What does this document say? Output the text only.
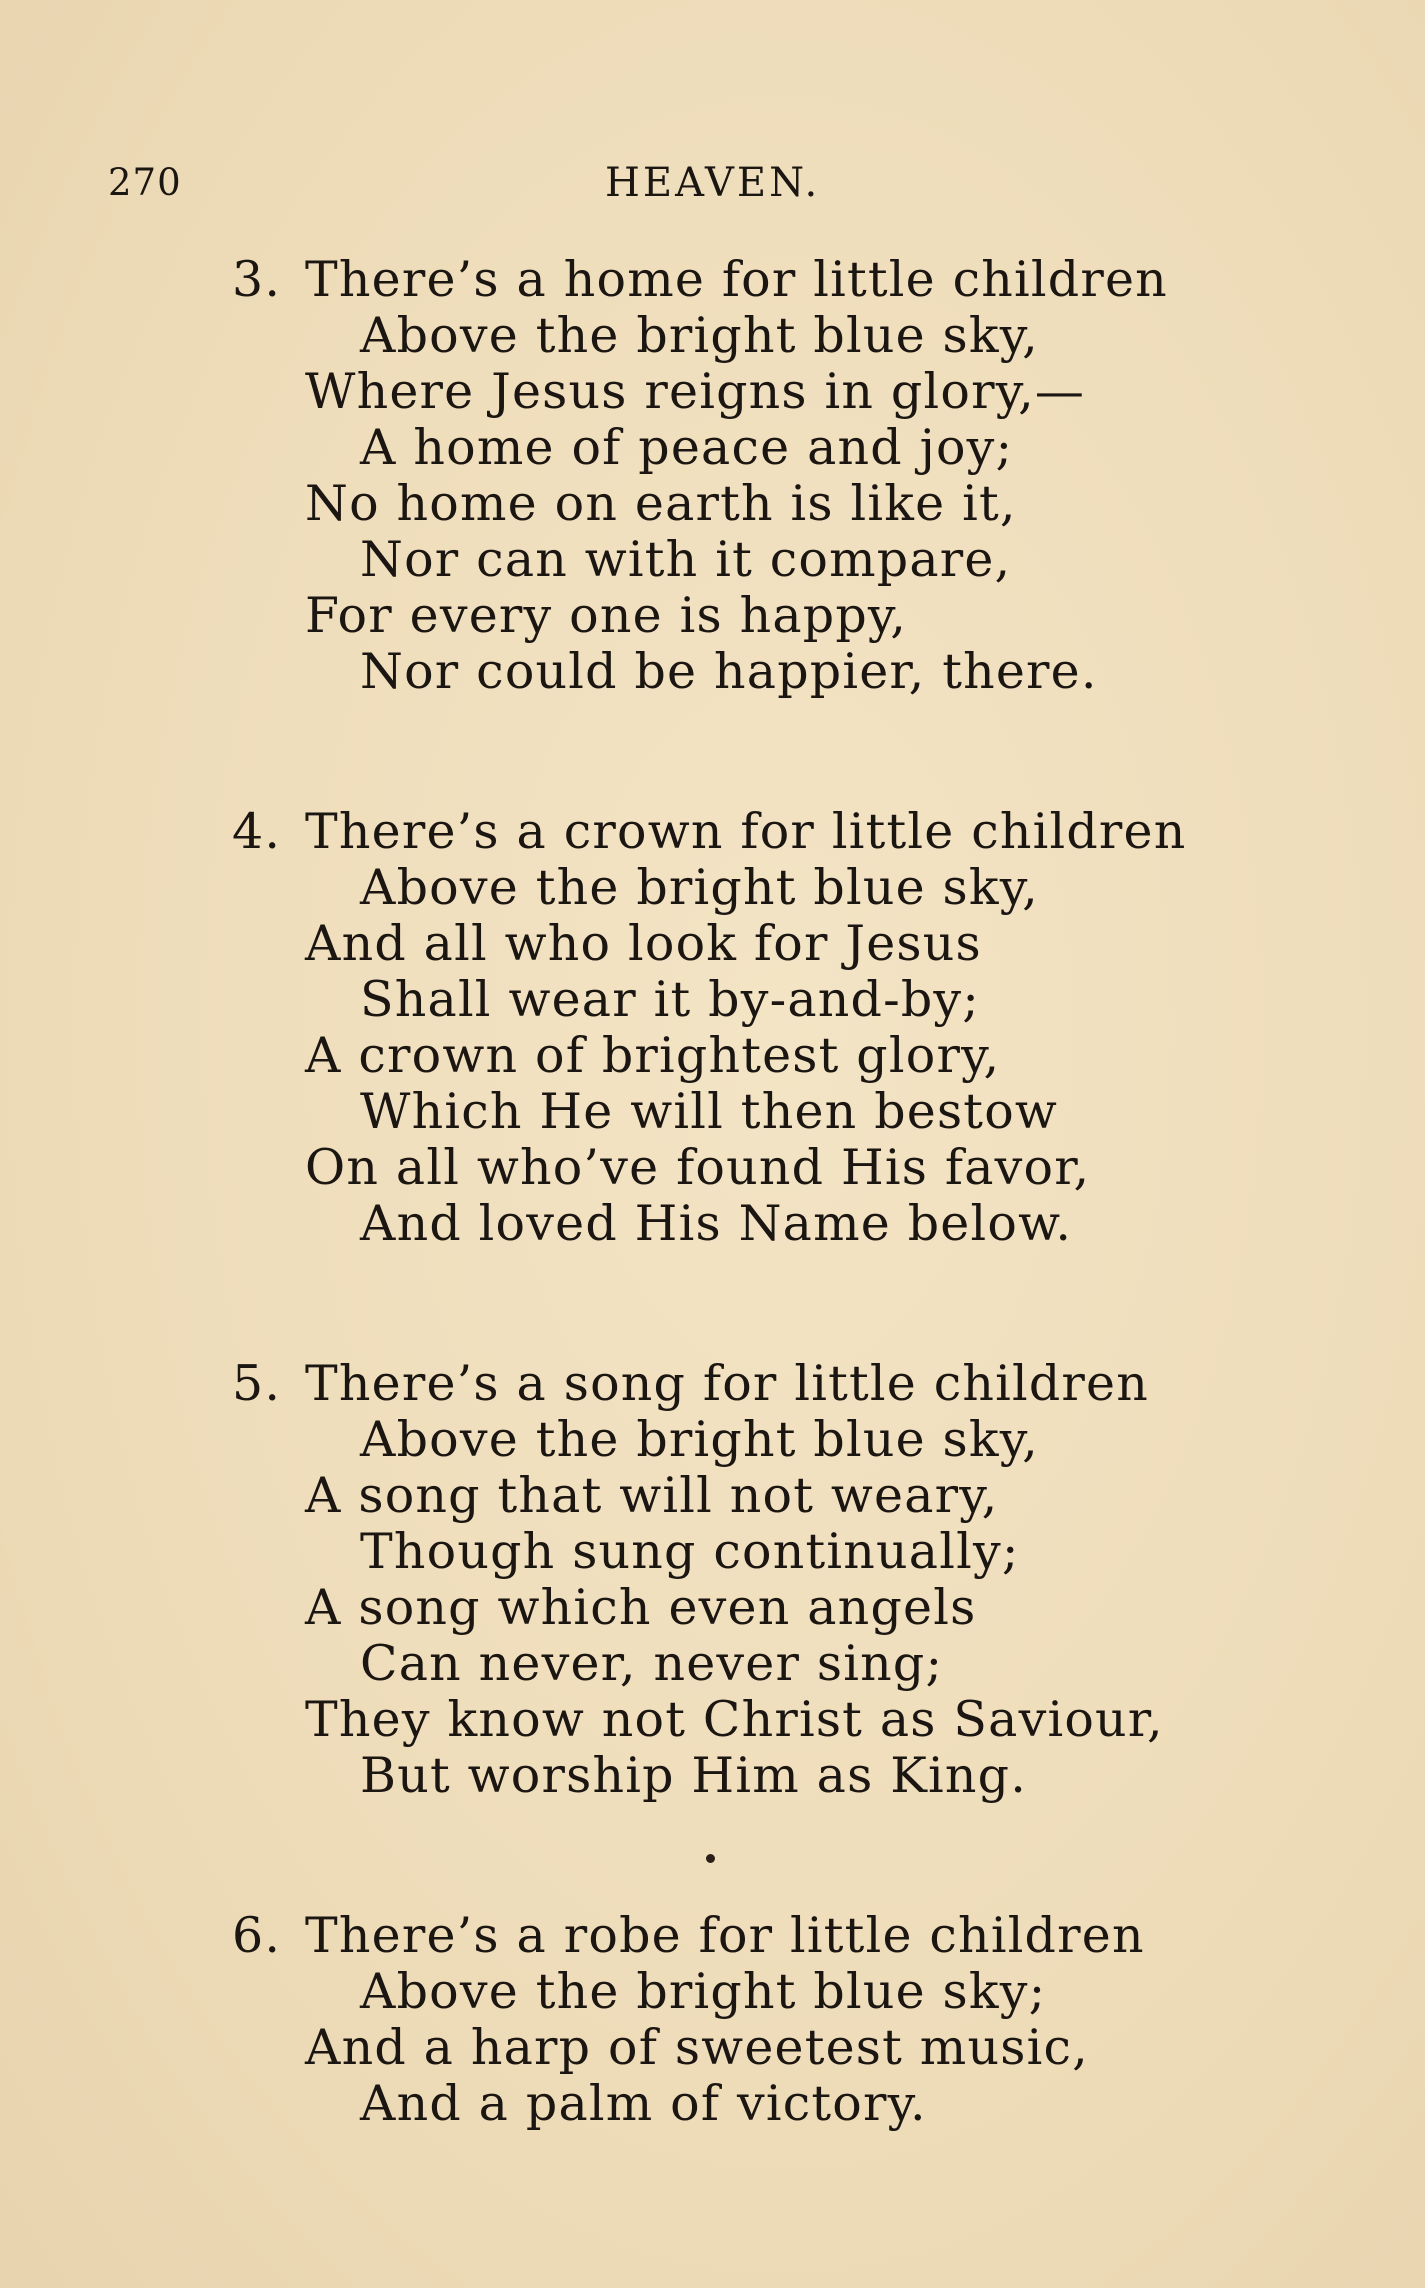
270	HEAVEN.
3. There’s a home for little children
Above the bright blue sky,
Where Jesus reigns in glory,—
A home of peace and joy;
No home on earth is like it,
Nor can with it compare,
For every one is happy,
Nor could be happier, there.
4. There’s a crown for little children
Above the bright blue sky,
And all who look for Jesus
Shall wear it by-and-by;
A crown of brightest glory,
Which He will then bestow
On all who’ve found His favor,
And loved His Name below.
5. There’s a song for little children
Above the bright blue sky,
A song that will not weary,
Though sung continually;
A song which even angels
Can never, never sing;
They know not Christ as Saviour,
But worship Him as King.
6. There’s a robe for little children
Above the bright blue sky;
And a harp of sweetest music,
And a palm of victory.
